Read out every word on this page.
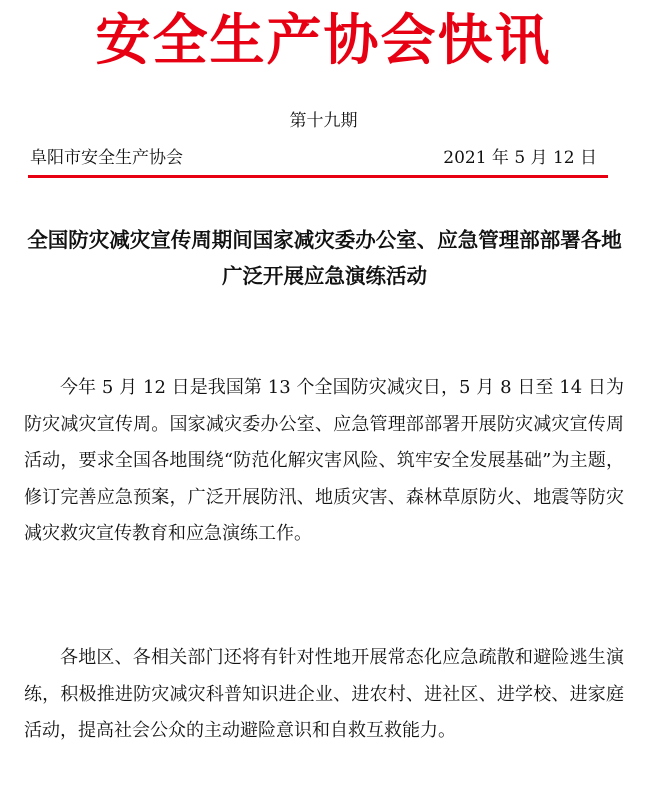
安全生产协会快讯
第十九期
阜阳市安全生产协会	2021 年 5 月 12 日
全国防灾减灾宣传周期间国家减灾委办公室、应急管理部部署各地广泛开展应急演练活动

今年 5 月 12 日是我国第 13 个全国防灾减灾日，5 月 8 日至 14 日为防灾减灾宣传周。国家减灾委办公室、应急管理部部署开展防灾减灾宣传周活动，要求全国各地围绕“防范化解灾害风险、筑牢安全发展基础”为主题，修订完善应急预案，广泛开展防汛、地质灾害、森林草原防火、地震等防灾减灾救灾宣传教育和应急演练工作。

各地区、各相关部门还将有针对性地开展常态化应急疏散和避险逃生演练，积极推进防灾减灾科普知识进企业、进农村、进社区、进学校、进家庭活动，提高社会公众的主动避险意识和自救互救能力。
